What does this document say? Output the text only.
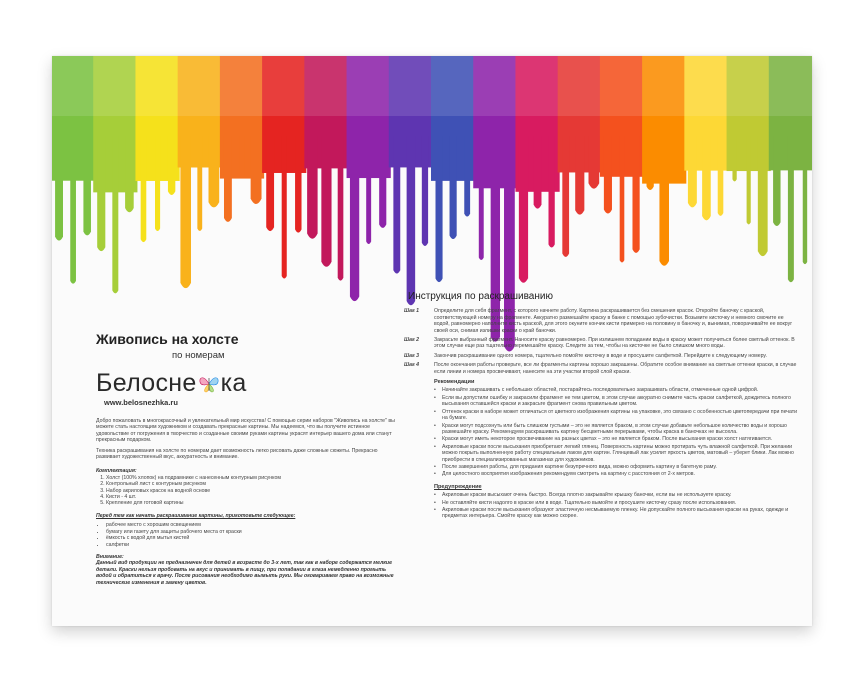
Живопись на холсте
по номерам
Белосне ка
www.belosnezhka.ru

Добро пожаловать в многокрасочный и увлекательный мир искусства! С помощью серии наборов "Живопись на холсте" вы можете стать настоящим художником и создавать прекрасные картины. Мы надеемся, что вы получите истинное удовольствие от погружения в творчество и созданные своими руками картины украсят интерьер вашего дома или станут прекрасным подарком.

Техника раскрашивания на холсте по номерам дает возможность легко рисовать даже сложные сюжеты. Прекрасно развивает художественный вкус, аккуратность и внимание.

Комплектация:
1. Холст (100% хлопок) на подрамнике с нанесенным контурным рисунком
2. Контрольный лист с контурным рисунком
3. Набор акриловых красок на водной основе
4. Кисти - 4 шт.
5. Крепление для готовой картины
Перед тем как начать раскрашивание картины, приготовьте следующее:
• рабочее место с хорошим освещением
• бумагу или газету для защиты рабочего места от краски
• ёмкость с водой для мытья кистей
• салфетки
Внимание:

Данный вид продукции не предназначен для детей в возрасте до 3-х лет, так как в наборе содержатся мелкие детали. Краски нельзя пробовать на вкус и принимать в пищу, при попадании в глаза немедленно промыть водой и обратиться к врачу. После рисования необходимо вымыть руки. Мы оговариваем право на возможные технические изменения в замену цветов.

Инструкция по раскрашиванию
Шаг 1	Определите для себя фрагмент, с которого начнете работу. Картина раскрашивается без смешения красок. Откройте баночку с краской, соответствующей номеру на фрагменте. Аккуратно размешайте краску в банке с помощью зубочистки. Возьмите кисточку и немного смочите ее водой, равномерно наполните кисть краской, для этого окуните кончик кисти примерно на половину в баночку и, вынимая, поворачивайте ее вокруг своей оси, снимая излишки краски о край баночки.
Шаг 2	Закрасьте выбранный фрагмент. Наносите краску равномерно. При излишнем попадании воды в краску может получиться более светлый оттенок. В этом случае еще раз тщательно перемешайте краску. Следите за тем, чтобы на кисточке не было слишком много воды.
Шаг 3	Закончив раскрашивание одного номера, тщательно помойте кисточку в воде и просушите салфеткой. Перейдите к следующему номеру.
Шаг 4	После окончания работы проверьте, все ли фрагменты картины хорошо закрашены. Обратите особое внимание на светлые оттенки краски, в случае если линии и номера просвечивают, нанесите на эти участки второй слой краски.
Рекомендации
•	Начинайте закрашивать с небольших областей, постарайтесь последовательно закрашивать области, отмеченные одной цифрой.
•	Если вы допустили ошибку и закрасили фрагмент не тем цветом, в этом случае аккуратно снимите часть краски салфеткой, дождитесь полного высыхания оставшейся краски и закрасьте фрагмент снова правильным цветом.
•	Оттенок краски в наборе может отличаться от цветного изображения картины на упаковке, это связано с особенностью цветопередачи при печати на бумаге.
•	Краски могут подсохнуть или быть слишком густыми – это не является браком, в этом случае добавьте небольшое количество воды и хорошо размешайте краску. Рекомендуем раскрашивать картину бесцветными перерывами, чтобы краска в баночках не высохла.
•	Краски могут иметь некоторое просвечивание на разных цветах – это не является браком. После высыхания краски холст натягивается.
•	Акриловые краски после высыхания приобретают легкий глянец. Поверхность картины можно протирать чуть влажной салфеткой. При желании можно покрыть выполненную работу специальным лаком для картин. Глянцевый лак усилит яркость цветов, матовый – уберет блики. Лак можно приобрести в специализированных магазинах для художников.
•	После завершения работы, для придания картине безупречного вида, можно оформить картину в багетную раму.
•	Для целостного восприятия изображения рекомендуем смотреть на картину с расстояния от 2-х метров.
Предупреждение
•	Акриловые краски высыхают очень быстро. Всегда плотно закрывайте крышку баночки, если вы не используете краску.
•	Не оставляйте кисти надолго в краске или в воде. Тщательно вымойте и просушите кисточку сразу после использования.
•	Акриловые краски после высыхания образуют эластичную несмываемую пленку. Не допускайте полного высыхания краски на руках, одежде и предметах интерьера. Смойте краску как можно скорее.
